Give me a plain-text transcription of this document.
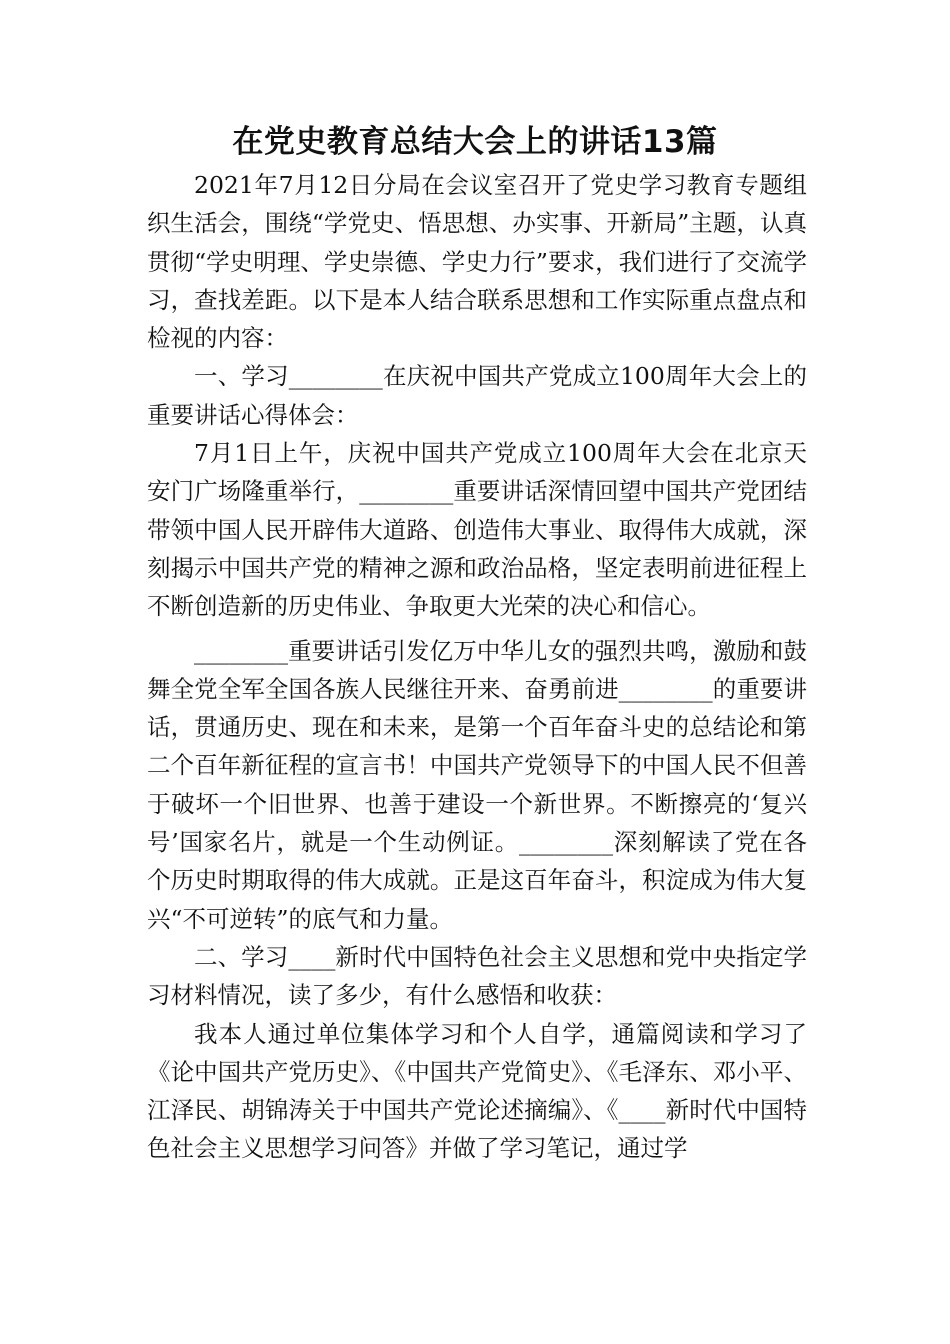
在党史教育总结大会上的讲话13篇

2021年7月12日分局在会议室召开了党史学习教育专题组织生活会，围绕“学党史、悟思想、办实事、开新局”主题，认真贯彻“学史明理、学史崇德、学史力行”要求，我们进行了交流学习，查找差距。以下是本人结合联系思想和工作实际重点盘点和检视的内容：

一、学习________在庆祝中国共产党成立100周年大会上的重要讲话心得体会：

7月1日上午，庆祝中国共产党成立100周年大会在北京天安门广场隆重举行，________重要讲话深情回望中国共产党团结带领中国人民开辟伟大道路、创造伟大事业、取得伟大成就，深刻揭示中国共产党的精神之源和政治品格，坚定表明前进征程上不断创造新的历史伟业、争取更大光荣的决心和信心。

________重要讲话引发亿万中华儿女的强烈共鸣，激励和鼓舞全党全军全国各族人民继往开来、奋勇前进________的重要讲话，贯通历史、现在和未来，是第一个百年奋斗史的总结论和第二个百年新征程的宣言书！中国共产党领导下的中国人民不但善于破坏一个旧世界、也善于建设一个新世界。不断擦亮的‘复兴号’国家名片，就是一个生动例证。________深刻解读了党在各个历史时期取得的伟大成就。正是这百年奋斗，积淀成为伟大复兴“不可逆转”的底气和力量。

二、学习____新时代中国特色社会主义思想和党中央指定学习材料情况，读了多少，有什么感悟和收获：

我本人通过单位集体学习和个人自学，通篇阅读和学习了《论中国共产党历史》、《中国共产党简史》、《毛泽东、邓小平、江泽民、胡锦涛关于中国共产党论述摘编》、《____新时代中国特色社会主义思想学习问答》并做了学习笔记，通过学
